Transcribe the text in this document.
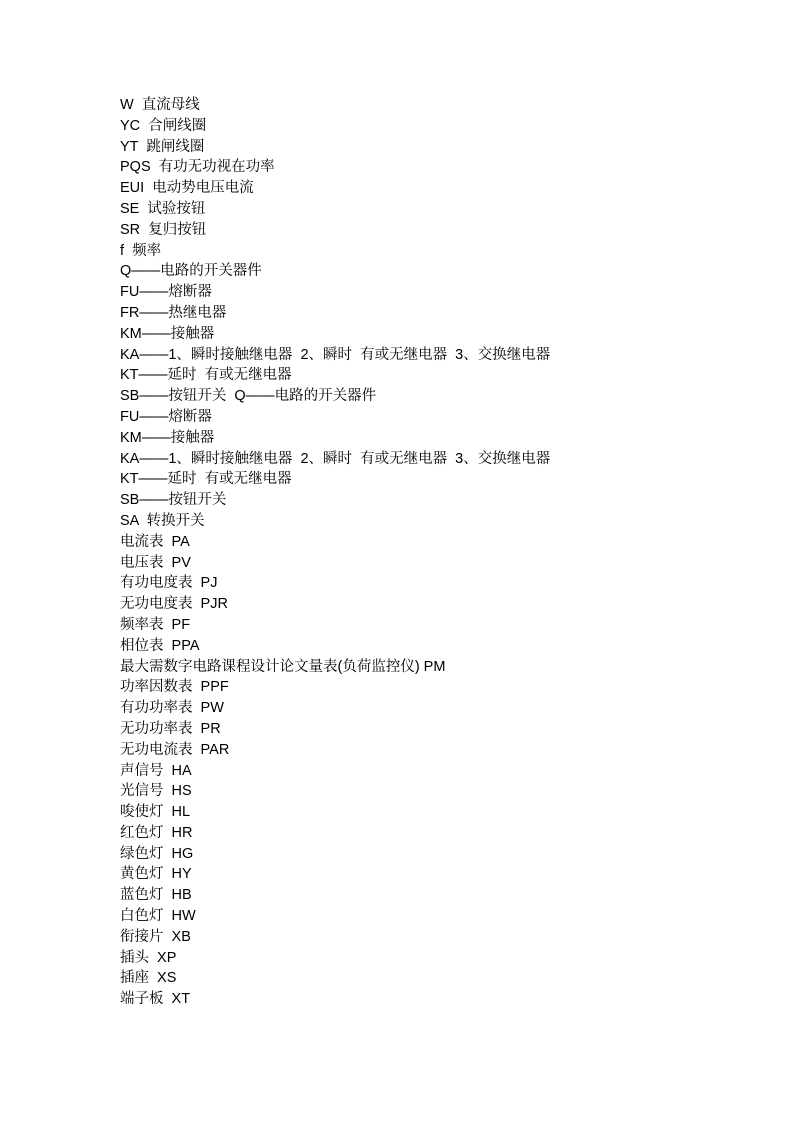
W  直流母线
YC  合闸线圈
YT  跳闸线圈
PQS  有功无功视在功率
EUI  电动势电压电流
SE  试验按钮
SR  复归按钮
f  频率
Q——电路的开关器件
FU——熔断器
FR——热继电器
KM——接触器
KA——1、瞬时接触继电器  2、瞬时  有或无继电器  3、交换继电器
KT——延时  有或无继电器
SB——按钮开关  Q——电路的开关器件
FU——熔断器
KM——接触器
KA——1、瞬时接触继电器  2、瞬时  有或无继电器  3、交换继电器
KT——延时  有或无继电器
SB——按钮开关
SA  转换开关
电流表  PA
电压表  PV
有功电度表  PJ
无功电度表  PJR
频率表  PF
相位表  PPA
最大需数字电路课程设计论文量表(负荷监控仪) PM
功率因数表  PPF
有功功率表  PW
无功功率表  PR
无功电流表  PAR
声信号  HA
光信号  HS
唆使灯  HL
红色灯  HR
绿色灯  HG
黄色灯  HY
蓝色灯  HB
白色灯  HW
衔接片  XB
插头  XP
插座  XS
端子板  XT
